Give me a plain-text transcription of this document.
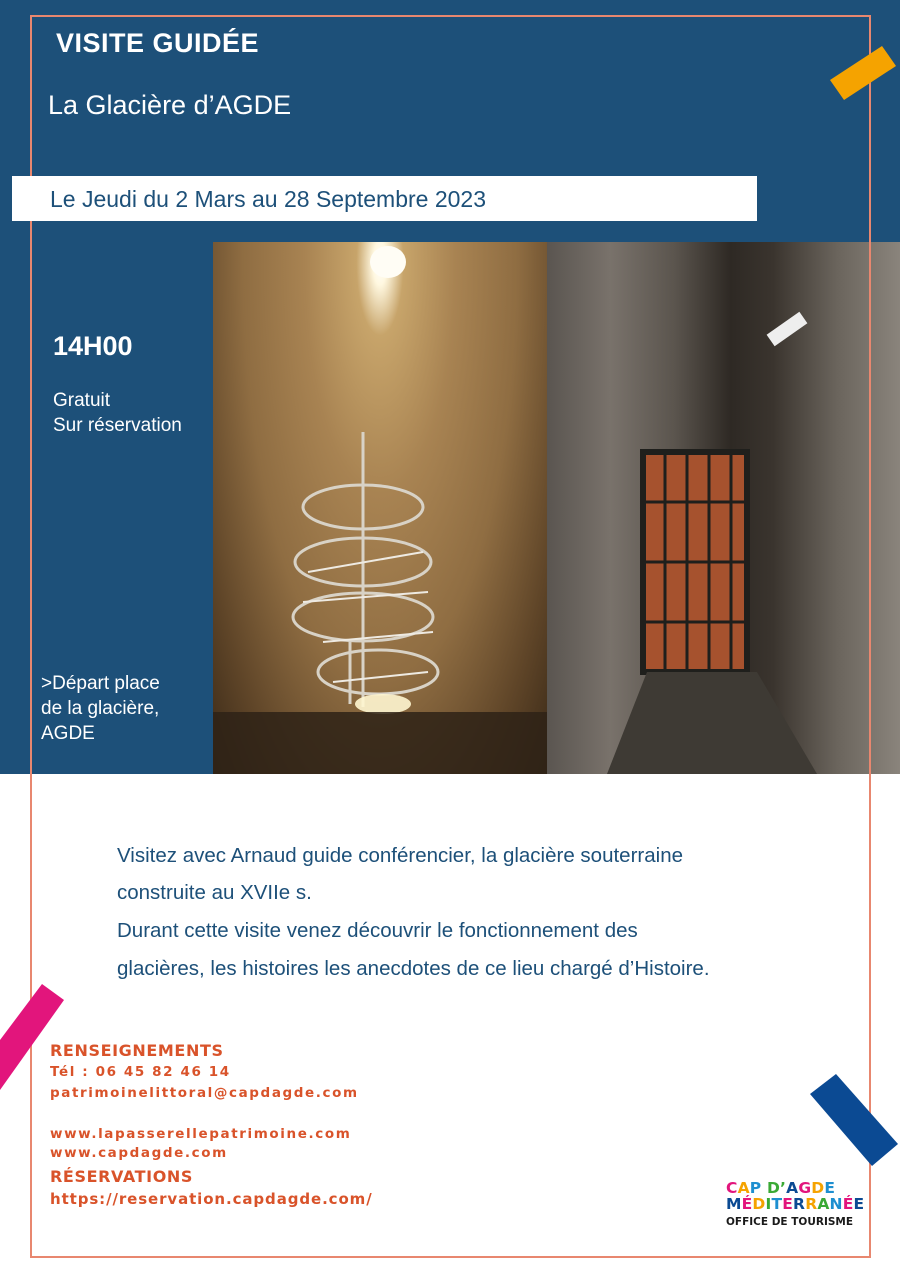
VISITE GUIDÉE
La Glacière d’AGDE
Le Jeudi du 2 Mars au 28 Septembre 2023
14H00
Gratuit
Sur réservation
>Départ place
de la glacière,
AGDE
Visitez avec Arnaud guide conférencier, la glacière souterraine
construite au XVIIe s.
Durant cette visite venez découvrir le fonctionnement des
glacières, les histoires les anecdotes de ce lieu chargé d’Histoire.
RENSEIGNEMENTS
Tél : 06 45 82 46 14
patrimoinelittoral@capdagde.com
www.lapasserellepatrimoine.com
www.capdagde.com
RÉSERVATIONS
https://reservation.capdagde.com/
CAP D’AGDE
MÉDITERRANÉE
OFFICE DE TOURISME
